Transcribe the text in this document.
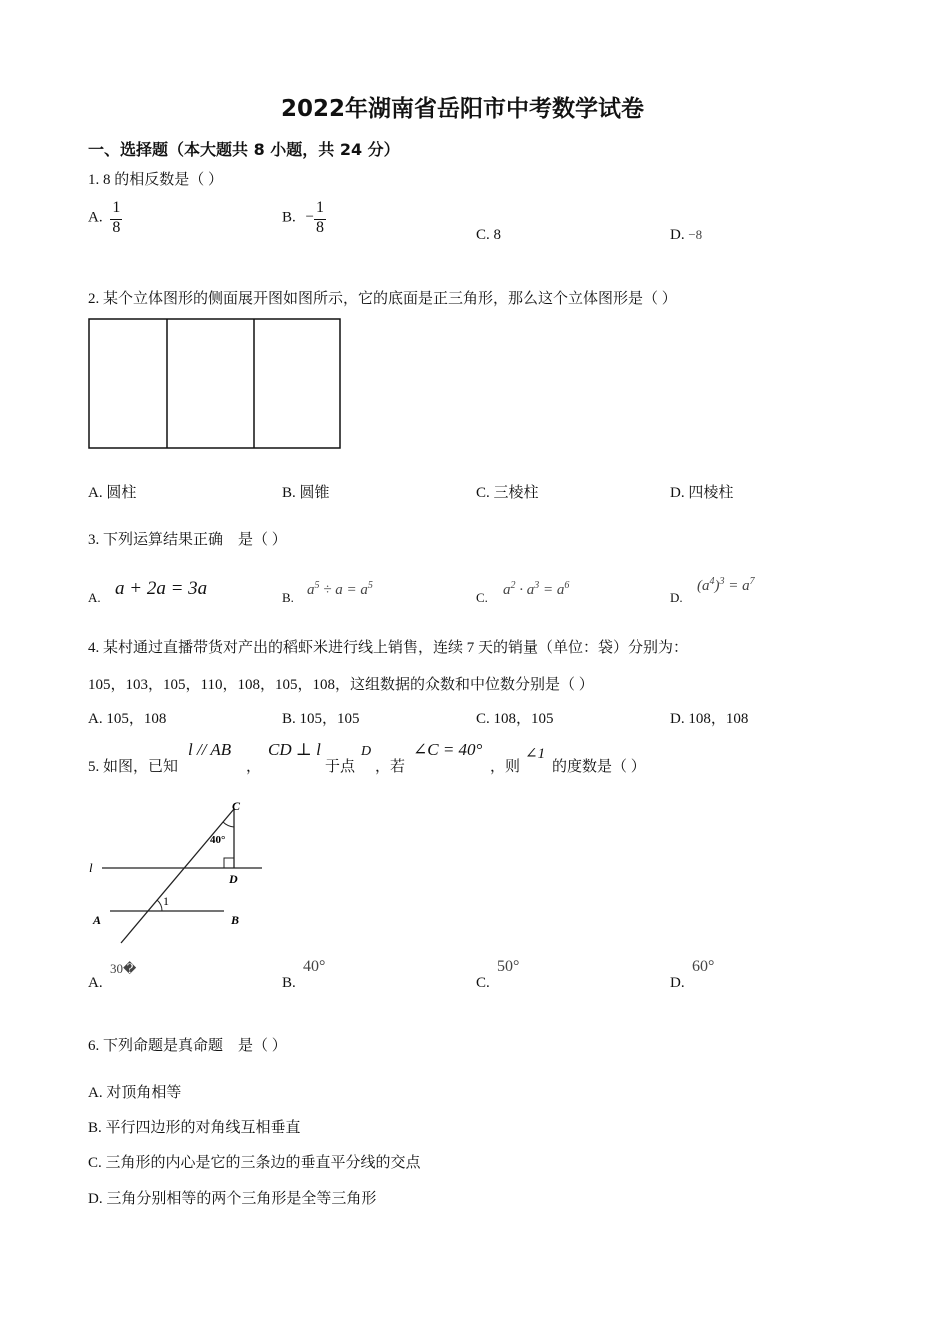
2022年湖南省岳阳市中考数学试卷
一、选择题（本大题共 8 小题，共 24 分）
1. 8 的相反数是（ ）
A. $\frac{1}{8}$	B. − $\frac{1}{8}$	C. 8	D. −8
2. 某个立体图形的侧面展开图如图所示，它的底面是正三角形，那么这个立体图形是（ ）
A. 圆柱	B. 圆锥	C. 三棱柱	D. 四棱柱
3. 下列运算结果正确　是（ ）
A. a + 2a = 3a	B. $a^5 \div a = a^5$
C. $a^2 \cdot a^3 = a^6$
D.
$(a^4)^3 = a^7$
4. 某村通过直播带货对产出的稻虾米进行线上销售，连续 7 天的销量（单位：袋）分别为：
105，103，105，110，108，105，108，这组数据的众数和中位数分别是（ ）
A. 105，108	B. 105，105	C. 108，105	D. 108，108
5. 如图，已知
l // AB
，
CD ⊥ l
于点
D
，若
∠C = 40°
，则
∠1
的度数是（ ）
C
40°
l
D
1
A	B
A.
30�
B.
40°
C.
50°
D.
60°
6. 下列命题是真命题　是（ ）
A. 对顶角相等
B. 平行四边形的对角线互相垂直
C. 三角形的内心是它的三条边的垂直平分线的交点
D. 三角分别相等的两个三角形是全等三角形
